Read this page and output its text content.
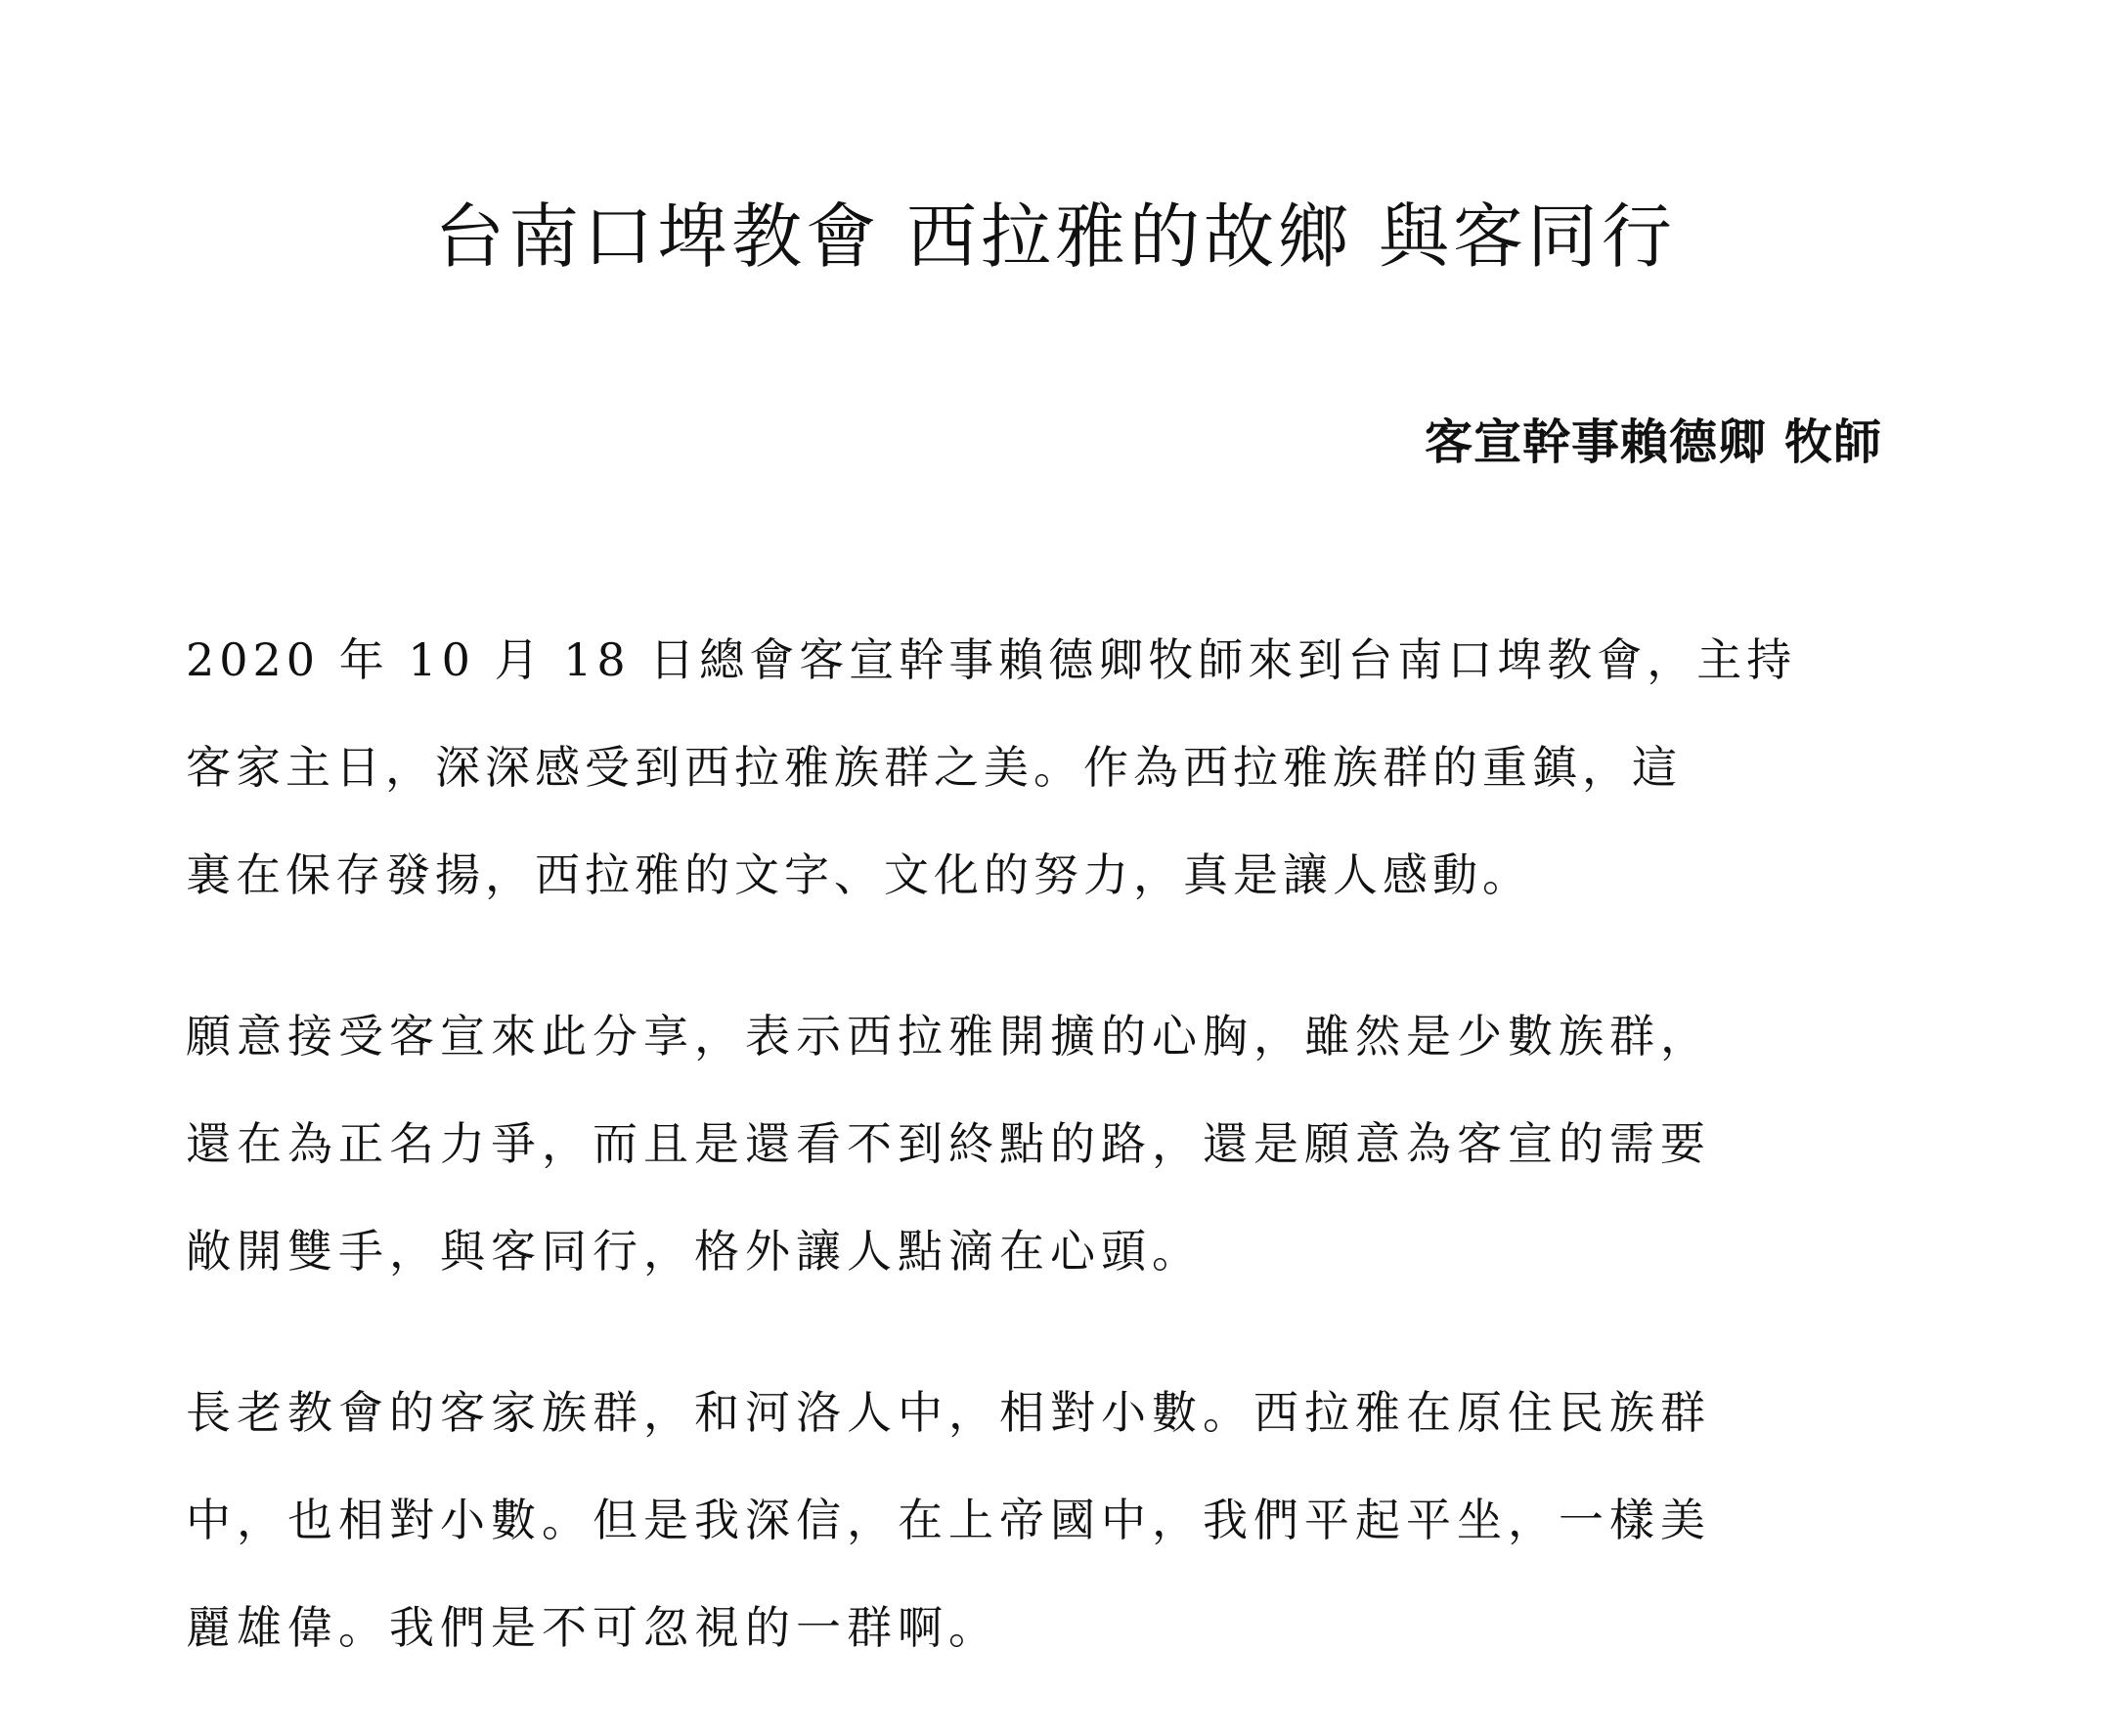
台南口埤教會 西拉雅的故鄉 與客同行

客宣幹事賴德卿 牧師

2020 年 10 月 18 日總會客宣幹事賴德卿牧師來到台南口埤教會，主持
客家主日，深深感受到西拉雅族群之美。作為西拉雅族群的重鎮，這
裏在保存發揚，西拉雅的文字、文化的努力，真是讓人感動。
願意接受客宣來此分享，表示西拉雅開擴的心胸，雖然是少數族群，
還在為正名力爭，而且是還看不到終點的路，還是願意為客宣的需要
敞開雙手，與客同行，格外讓人點滴在心頭。
長老教會的客家族群，和河洛人中，相對小數。西拉雅在原住民族群
中，也相對小數。但是我深信，在上帝國中，我們平起平坐，一樣美
麗雄偉。我們是不可忽視的一群啊。
